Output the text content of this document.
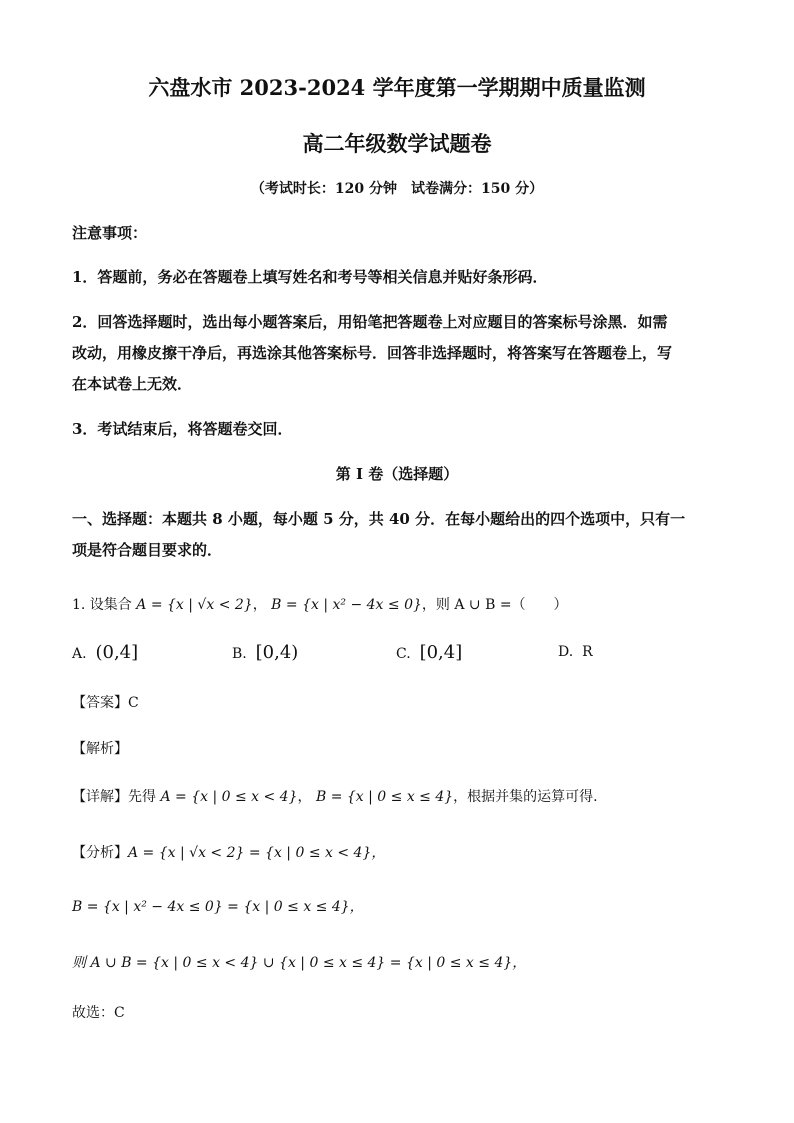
六盘水市 2023-2024 学年度第一学期期中质量监测
高二年级数学试题卷
（考试时长：120 分钟　试卷满分：150 分）
注意事项：
1．答题前，务必在答题卷上填写姓名和考号等相关信息并贴好条形码．
2．回答选择题时，选出每小题答案后，用铅笔把答题卷上对应题目的答案标号涂黑．如需
改动，用橡皮擦干净后，再选涂其他答案标号．回答非选择题时，将答案写在答题卷上，写
在本试卷上无效．
3．考试结束后，将答题卷交回．
第 I 卷（选择题）
一、选择题：本题共 8 小题，每小题 5 分，共 40 分．在每小题给出的四个选项中，只有一
项是符合题目要求的．
1. 设集合 A = {x | √x < 2}， B = {x | x² − 4x ≤ 0}，则 A ∪ B =（　　）
A. (0,4]	B. [0,4)	C. [0,4]	D. R
【答案】C
【解析】
【详解】先得 A = {x | 0 ≤ x < 4}， B = {x | 0 ≤ x ≤ 4}，根据并集的运算可得.
【分析】A = {x | √x < 2} = {x | 0 ≤ x < 4}，
B = {x | x² − 4x ≤ 0} = {x | 0 ≤ x ≤ 4}，
则 A ∪ B = {x | 0 ≤ x < 4} ∪ {x | 0 ≤ x ≤ 4} = {x | 0 ≤ x ≤ 4}，
故选：C
